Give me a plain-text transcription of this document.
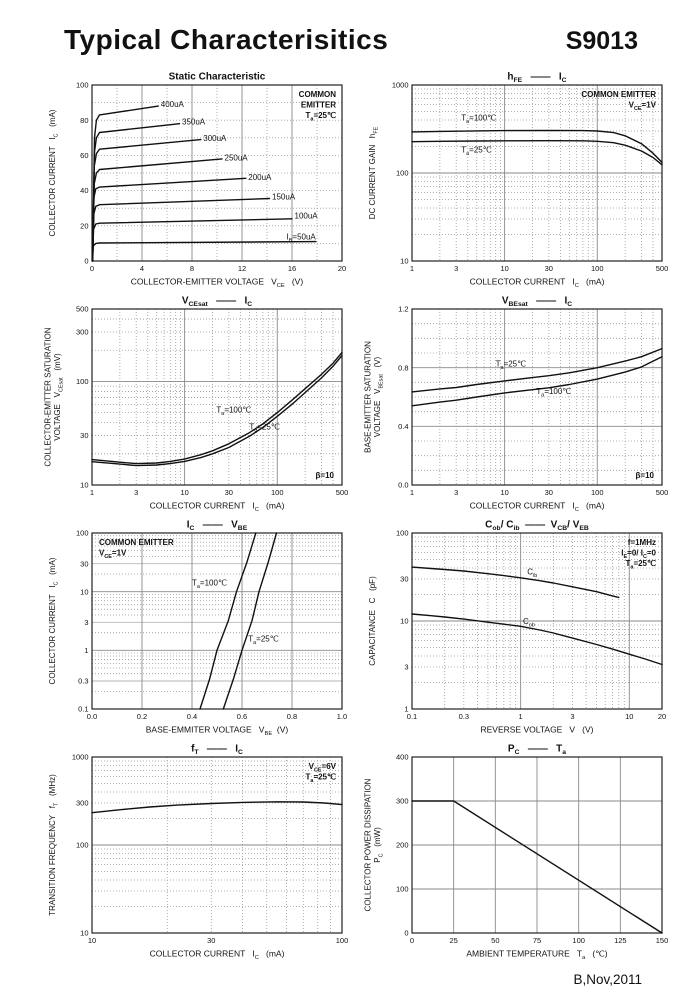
Typical Characterisitics	S9013
Static Characteristic
0	4	8	12	16	20
0
20
40
60
80
100
COLLECTOR-EMITTER VOLTAGE   $V_{CE}$   (V)
COLLECTOR CURRENT   $I_C$   (mA)
400uA
350uA
300uA
250uA
200uA
150uA
100uA
$I_B=50uA$
COMMON
EMITTER
$T_a=25℃$
$h_{FE}$   ——   $I_C$
1	3	10	30	100	500
10
100
1000
COLLECTOR CURRENT   $I_C$   (mA)
DC CURRENT GAIN   $h_{FE}$
$T_a=100℃$
$T_a=25℃$
COMMON EMITTER
$V_{CE}=1V$
$V_{CEsat}$   ——   $I_C$
1	3	10	30	100	500
10
30
100
300
500
COLLECTOR CURRENT   $I_C$   (mA)
COLLECTOR-EMITTER SATURATION VOLTAGE   $V_{CEsat}$   (mV)
$T_a=100℃$
$T_a=25℃$
β=10
$V_{BEsat}$   ——   $I_C$
1	3	10	30	100	500
0.0
0.4
0.8
1.2
COLLECTOR CURRENT   $I_C$   (mA)
BASE-EMITTER SATURATION VOLTAGE   $V_{BEsat}$   (V)	$T_a=25℃$
$T_a=100℃$
β=10
$I_C$   ——   $V_{BE}$
0.0	0.2	0.4	0.6	0.8	1.0
0.1
0.3
1
3
10
30
100
BASE-EMMITER VOLTAGE   $V_{BE}$  (V)
COLLECTOR CURRENT   $I_C$   (mA)
$T_a=100℃$
$T_a=25℃$
COMMON EMITTER
$V_{CE}=1V$
$C_{ob}/$ $C_{ib}$  ——  $V_{CB}/$ $V_{EB}$
0.1	0.3	1	3	10	20
1
3
10
30
100
REVERSE VOLTAGE   V   (V)
CAPACITANCE   C   (pF)
$C_{ib}$
$C_{ob}$
f=1MHz
$I_E=0/$ $I_C=0$
$T_a=25℃$
$f_T$   ——   $I_C$
10	30	100
10
100
300
1000
COLLECTOR CURRENT   $I_C$   (mA)
TRANSITION FREQUENCY   $f_T$   (MHz)
$V_{CE}=6V$
$T_a=25℃$
$P_C$   ——   $T_a$
0	25	50	75	100	125	150
0
100
200
300
400
AMBIENT TEMPERATURE   $T_a$   (℃)
COLLECTOR POWER DISSIPATION $P_C$   (mW)
B,Nov,2011
